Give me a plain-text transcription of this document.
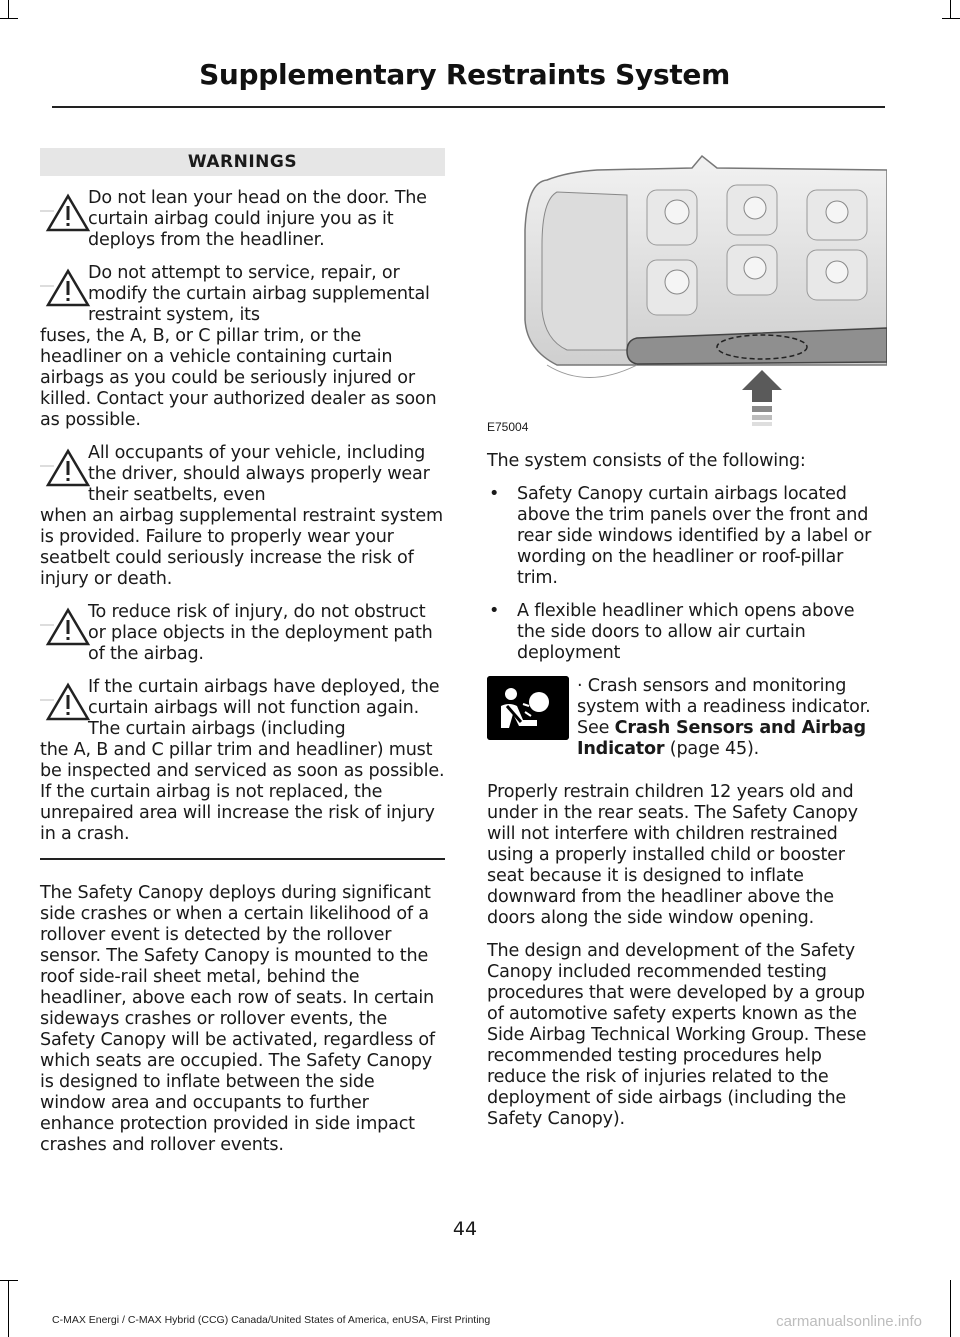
Supplementary Restraints System
WARNINGS
Do not lean your head on the door. The curtain airbag could injure you as it deploys from the headliner.
Do not attempt to service, repair, or modify the curtain airbag supplemental restraint system, its
fuses, the A, B, or C pillar trim, or the headliner on a vehicle containing curtain airbags as you could be seriously injured or killed. Contact your authorized dealer as soon as possible.
All occupants of your vehicle, including the driver, should always properly wear their seatbelts, even
when an airbag supplemental restraint system is provided. Failure to properly wear your seatbelt could seriously increase the risk of injury or death.
To reduce risk of injury, do not obstruct or place objects in the deployment path of the airbag.
If the curtain airbags have deployed, the curtain airbags will not function again. The curtain airbags (including
the A, B and C pillar trim and headliner) must be inspected and serviced as soon as possible. If the curtain airbag is not replaced, the unrepaired area will increase the risk of injury in a crash.

The Safety Canopy deploys during significant side crashes or when a certain likelihood of a rollover event is detected by the rollover sensor. The Safety Canopy is mounted to the roof side-rail sheet metal, behind the headliner, above each row of seats. In certain sideways crashes or rollover events, the Safety Canopy will be activated, regardless of which seats are occupied. The Safety Canopy is designed to inflate between the side window area and occupants to further enhance protection provided in side impact crashes and rollover events.

E75004

The system consists of the following:

• Safety Canopy curtain airbags located above the trim panels over the front and rear side windows identified by a label or wording on the headliner or roof-pillar trim.
• A flexible headliner which opens above the side doors to allow air curtain deployment
· Crash sensors and monitoring system with a readiness indicator. See Crash Sensors and Airbag Indicator (page 45).

Properly restrain children 12 years old and under in the rear seats. The Safety Canopy will not interfere with children restrained using a properly installed child or booster seat because it is designed to inflate downward from the headliner above the doors along the side window opening.

The design and development of the Safety Canopy included recommended testing procedures that were developed by a group of automotive safety experts known as the Side Airbag Technical Working Group. These recommended testing procedures help reduce the risk of injuries related to the deployment of side airbags (including the Safety Canopy).

44
C-MAX Energi / C-MAX Hybrid (CCG) Canada/United States of America, enUSA, First Printing	carmanualsonline.info
